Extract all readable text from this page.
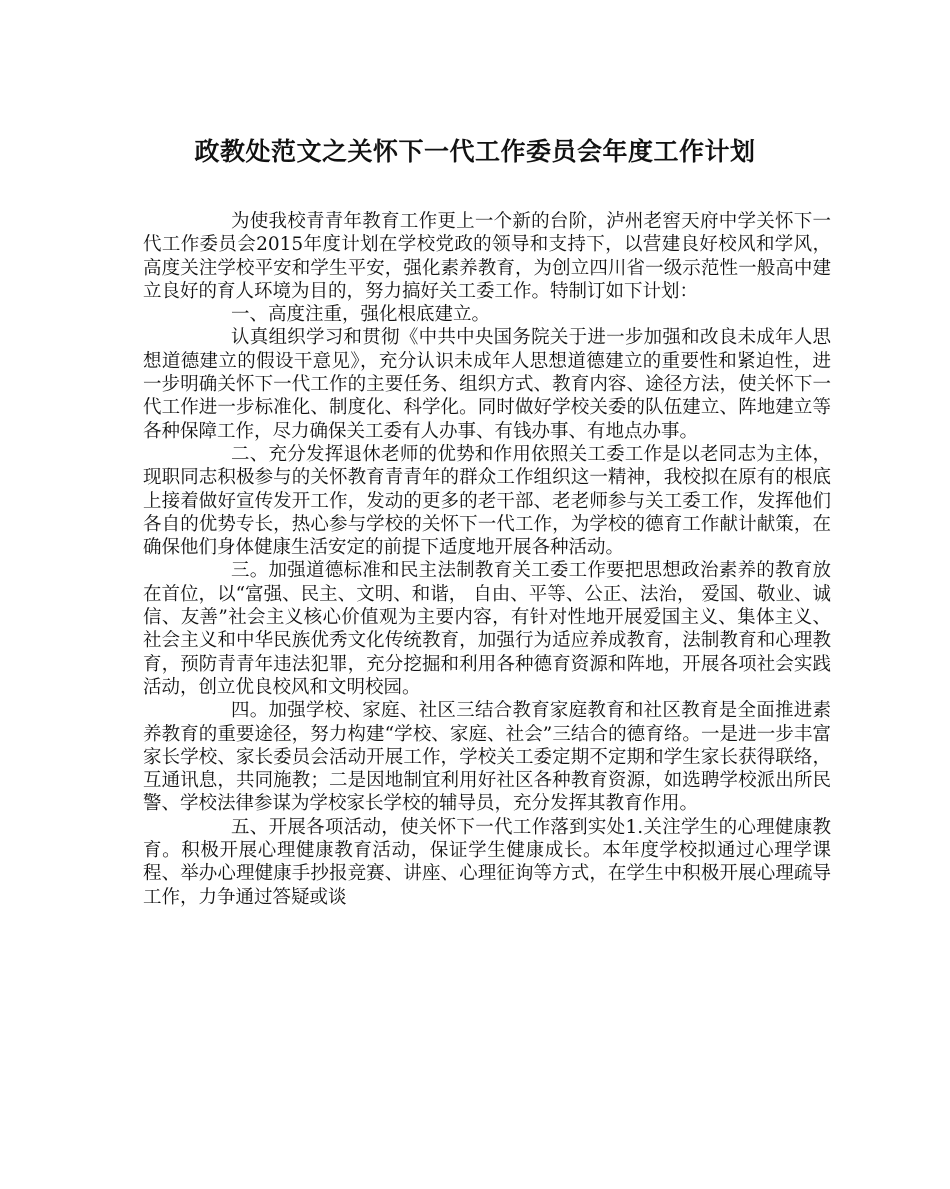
政教处范文之关怀下一代工作委员会年度工作计划

为使我校青青年教育工作更上一个新的台阶，泸州老窖天府中学关怀下一代工作委员会2015年度计划在学校党政的领导和支持下，以营建良好校风和学风，高度关注学校平安和学生平安，强化素养教育，为创立四川省一级示范性一般高中建立良好的育人环境为目的，努力搞好关工委工作。特制订如下计划：

一、高度注重，强化根底建立。

认真组织学习和贯彻《中共中央国务院关于进一步加强和改良未成年人思想道德建立的假设干意见》，充分认识未成年人思想道德建立的重要性和紧迫性，进一步明确关怀下一代工作的主要任务、组织方式、教育内容、途径方法，使关怀下一代工作进一步标准化、制度化、科学化。同时做好学校关委的队伍建立、阵地建立等各种保障工作，尽力确保关工委有人办事、有钱办事、有地点办事。

二、充分发挥退休老师的优势和作用依照关工委工作是以老同志为主体，现职同志积极参与的关怀教育青青年的群众工作组织这一精神，我校拟在原有的根底上接着做好宣传发开工作，发动的更多的老干部、老老师参与关工委工作，发挥他们各自的优势专长，热心参与学校的关怀下一代工作，为学校的德育工作献计献策，在确保他们身体健康生活安定的前提下适度地开展各种活动。

三。加强道德标准和民主法制教育关工委工作要把思想政治素养的教育放在首位，以“富强、民主、文明、和谐， 自由、平等、公正、法治， 爱国、敬业、诚信、友善”社会主义核心价值观为主要内容，有针对性地开展爱国主义、集体主义、社会主义和中华民族优秀文化传统教育，加强行为适应养成教育，法制教育和心理教育，预防青青年违法犯罪，充分挖掘和利用各种德育资源和阵地，开展各项社会实践活动，创立优良校风和文明校园。

四。加强学校、家庭、社区三结合教育家庭教育和社区教育是全面推进素养教育的重要途径，努力构建“学校、家庭、社会”三结合的德育络。一是进一步丰富家长学校、家长委员会活动开展工作，学校关工委定期不定期和学生家长获得联络，互通讯息，共同施教；二是因地制宜利用好社区各种教育资源，如选聘学校派出所民警、学校法律参谋为学校家长学校的辅导员，充分发挥其教育作用。

五、开展各项活动，使关怀下一代工作落到实处1.关注学生的心理健康教育。积极开展心理健康教育活动，保证学生健康成长。本年度学校拟通过心理学课程、举办心理健康手抄报竞赛、讲座、心理征询等方式，在学生中积极开展心理疏导工作，力争通过答疑或谈
